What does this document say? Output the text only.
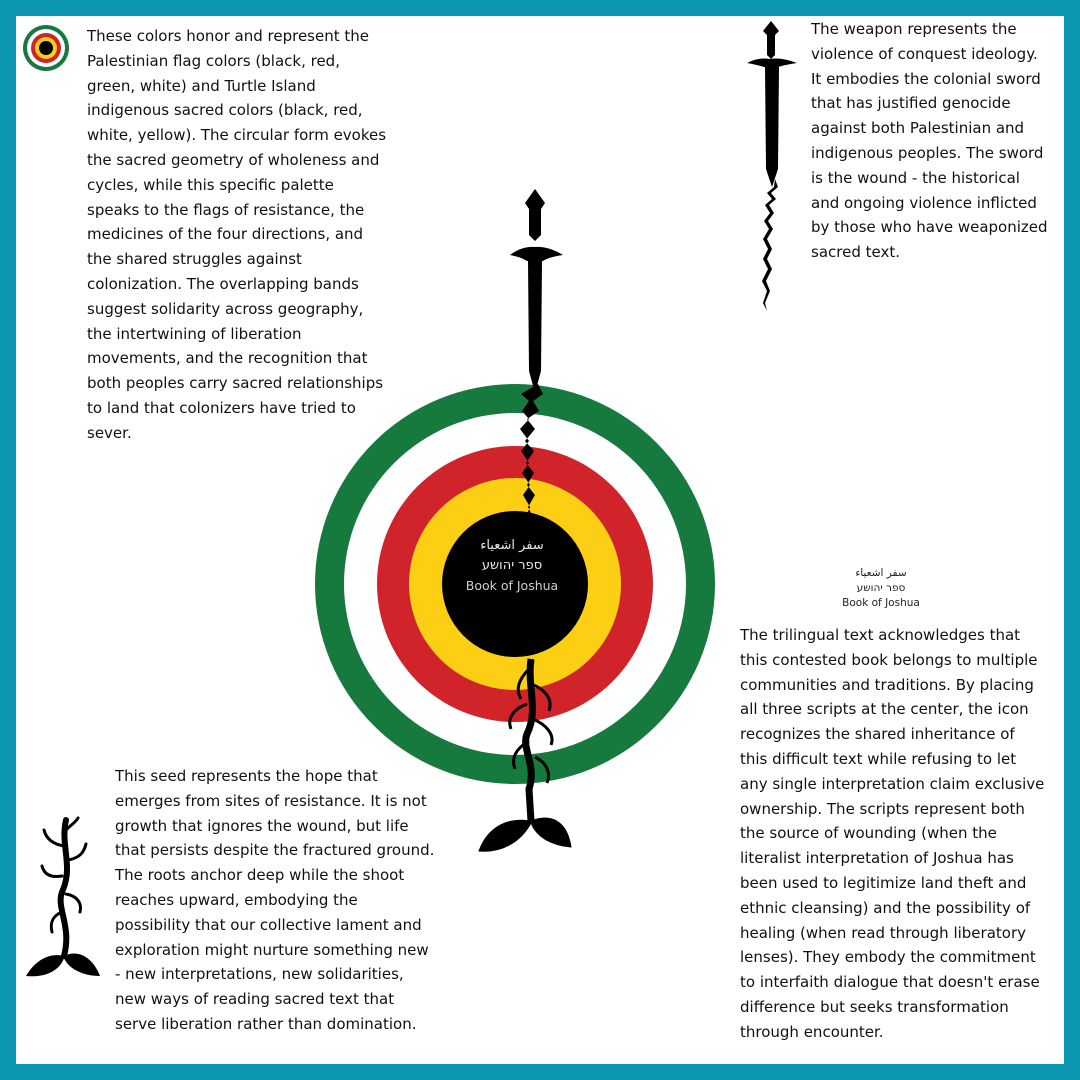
These colors honor and represent the Palestinian flag colors (black, red, green, white) and Turtle Island indigenous sacred colors (black, red, white, yellow). The circular form evokes the sacred geometry of wholeness and cycles, while this specific palette speaks to the flags of resistance, the medicines of the four directions, and the shared struggles against colonization. The overlapping bands suggest solidarity across geography, the intertwining of liberation movements, and the recognition that both peoples carry sacred relationships to land that colonizers have tried to sever.

The weapon represents the violence of conquest ideology. It embodies the colonial sword that has justified genocide against both Palestinian and indigenous peoples. The sword is the wound - the historical and ongoing violence inflicted by those who have weaponized sacred text.

سفر اشعياء
ספר יהושע
Book of Joshua
سفر اشعياء
ספר יהושע
Book of Joshua

The trilingual text acknowledges that this contested book belongs to multiple communities and traditions. By placing all three scripts at the center, the icon recognizes the shared inheritance of this difficult text while refusing to let any single interpretation claim exclusive ownership. The scripts represent both the source of wounding (when the literalist interpretation of Joshua has been used to legitimize land theft and ethnic cleansing) and the possibility of healing (when read through liberatory lenses). They embody the commitment to interfaith dialogue that doesn't erase difference but seeks transformation through encounter.

This seed represents the hope that emerges from sites of resistance. It is not growth that ignores the wound, but life that persists despite the fractured ground. The roots anchor deep while the shoot reaches upward, embodying the possibility that our collective lament and exploration might nurture something new - new interpretations, new solidarities, new ways of reading sacred text that serve liberation rather than domination.
